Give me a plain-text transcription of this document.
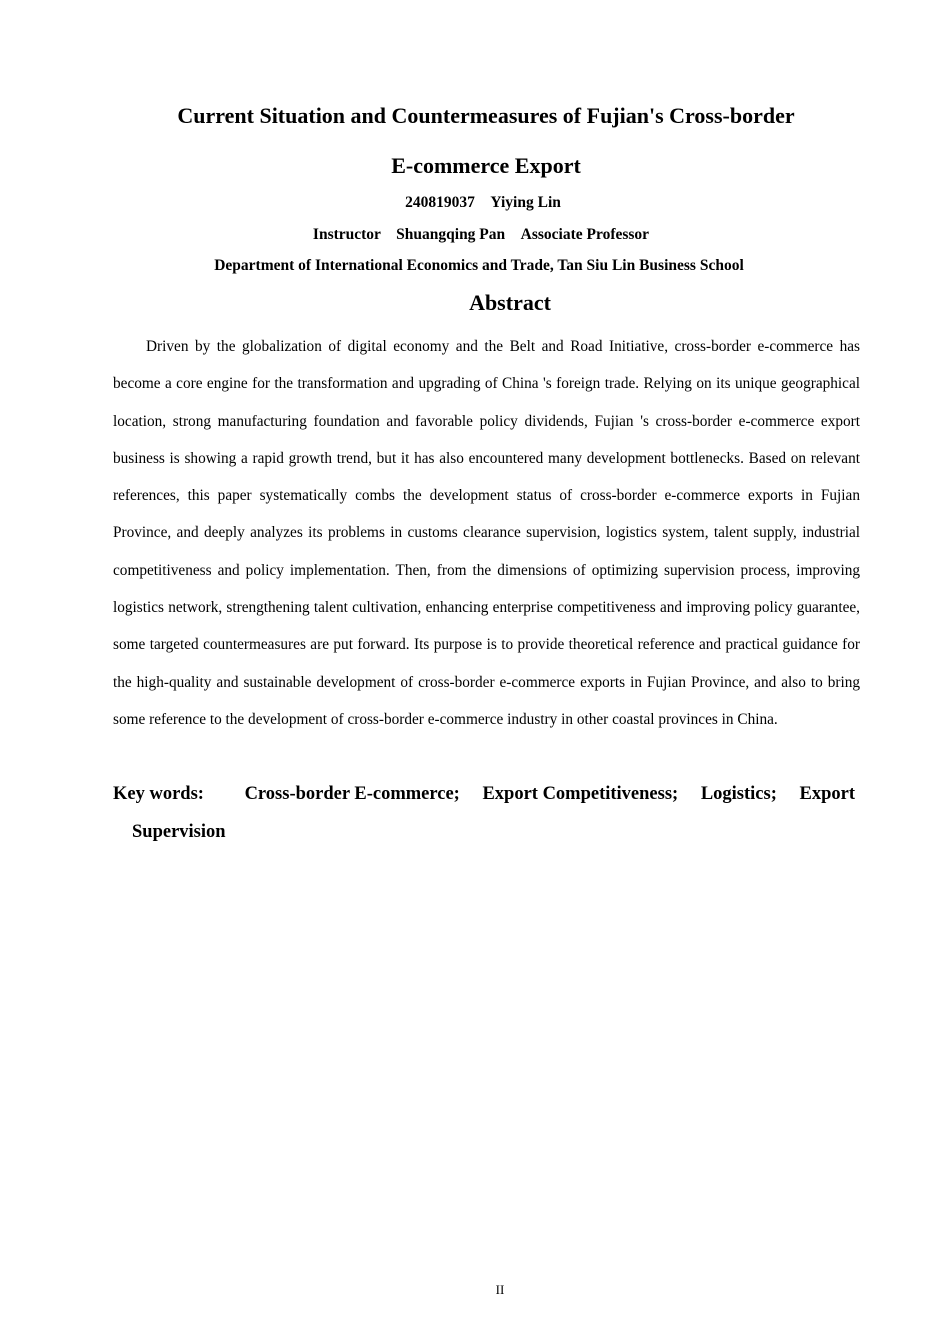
Current Situation and Countermeasures of Fujian's Cross-border
E-commerce Export
240819037　Yiying Lin
Instructor　Shuangqing Pan　Associate Professor
Department of International Economics and Trade, Tan Siu Lin Business School
Abstract

Driven by the globalization of digital economy and the Belt and Road Initiative, cross-border e-commerce has become a core engine for the transformation and upgrading of China 's foreign trade. Relying on its unique geographical location, strong manufacturing foundation and favorable policy dividends, Fujian 's cross-border e-commerce export business is showing a rapid growth trend, but it has also encountered many development bottlenecks. Based on relevant references, this paper systematically combs the development status of cross-border e-commerce exports in Fujian Province, and deeply analyzes its problems in customs clearance supervision, logistics system, talent supply, industrial competitiveness and policy implementation. Then, from the dimensions of optimizing supervision process, improving logistics network, strengthening talent cultivation, enhancing enterprise competitiveness and improving policy guarantee, some targeted countermeasures are put forward. Its purpose is to provide theoretical reference and practical guidance for the high-quality and sustainable development of cross-border e-commerce exports in Fujian Province, and also to bring some reference to the development of cross-border e-commerce industry in other coastal provinces in China.

Key words: Cross-border E-commerce; Export Competitiveness; Logistics; Export
Supervision
II
